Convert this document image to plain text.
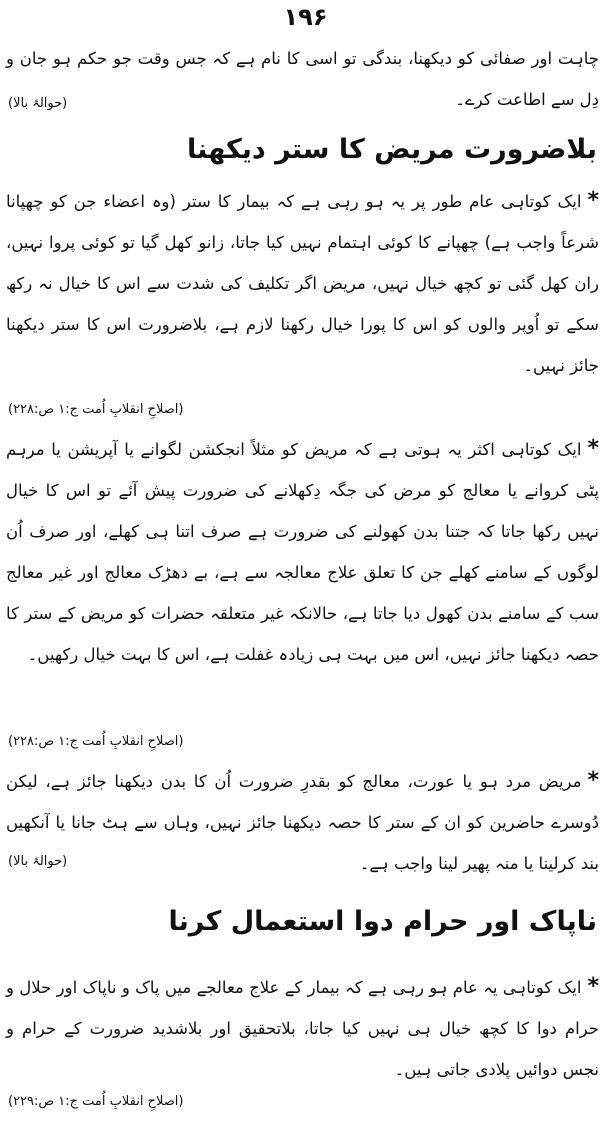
۱۹۶

چاہت اور صفائی کو دیکھنا، بندگی تو اسی کا نام ہے کہ جس وقت جو حکم ہو جان و دِل سے اطاعت کرے۔

(حوالۂ بالا)
بلاضرورت مریض کا ستر دیکھنا

*ایک کوتاہی عام طور پر یہ ہو رہی ہے کہ بیمار کا ستر (وہ اعضاء جن کو چھپانا شرعاً واجب ہے) چھپانے کا کوئی اہتمام نہیں کیا جاتا، زانو کھل گیا تو کوئی پروا نہیں، ران کھل گئی تو کچھ خیال نہیں، مریض اگر تکلیف کی شدت سے اس کا خیال نہ رکھ سکے تو اُوپر والوں کو اس کا پورا خیال رکھنا لازم ہے، بلاضرورت اس کا ستر دیکھنا جائز نہیں۔

(اصلاحِ انقلابِ اُمت ج:۱ ص:۲۲۸)

*ایک کوتاہی اکثر یہ ہوتی ہے کہ مریض کو مثلاً انجکشن لگوانے یا آپریشن یا مرہم پٹی کروانے یا معالج کو مرض کی جگہ دِکھلانے کی ضرورت پیش آئے تو اس کا خیال نہیں رکھا جاتا کہ جتنا بدن کھولنے کی ضرورت ہے صرف اتنا ہی کھلے، اور صرف اُن لوگوں کے سامنے کھلے جن کا تعلق علاج معالجہ سے ہے، بے دھڑک معالج اور غیر معالج سب کے سامنے بدن کھول دیا جاتا ہے، حالانکہ غیر متعلقہ حضرات کو مریض کے ستر کا حصہ دیکھنا جائز نہیں، اس میں بہت ہی زیادہ غفلت ہے، اس کا بہت خیال رکھیں۔

(اصلاحِ انقلابِ اُمت ج:۱ ص:۲۲۸)

*مریض مرد ہو یا عورت، معالج کو بقدرِ ضرورت اُن کا بدن دیکھنا جائز ہے، لیکن دُوسرے حاضرین کو ان کے ستر کا حصہ دیکھنا جائز نہیں، وہاں سے ہٹ جانا یا آنکھیں بند کرلینا یا منہ پھیر لینا واجب ہے۔

(حوالۂ بالا)
ناپاک اور حرام دوا استعمال کرنا

*ایک کوتاہی یہ عام ہو رہی ہے کہ بیمار کے علاج معالجے میں پاک و ناپاک اور حلال و حرام دوا کا کچھ خیال ہی نہیں کیا جاتا، بلاتحقیق اور بلاشدید ضرورت کے حرام و نجس دوائیں پلادی جاتی ہیں۔

(اصلاحِ انقلابِ اُمت ج:۱ ص:۲۲۹)
